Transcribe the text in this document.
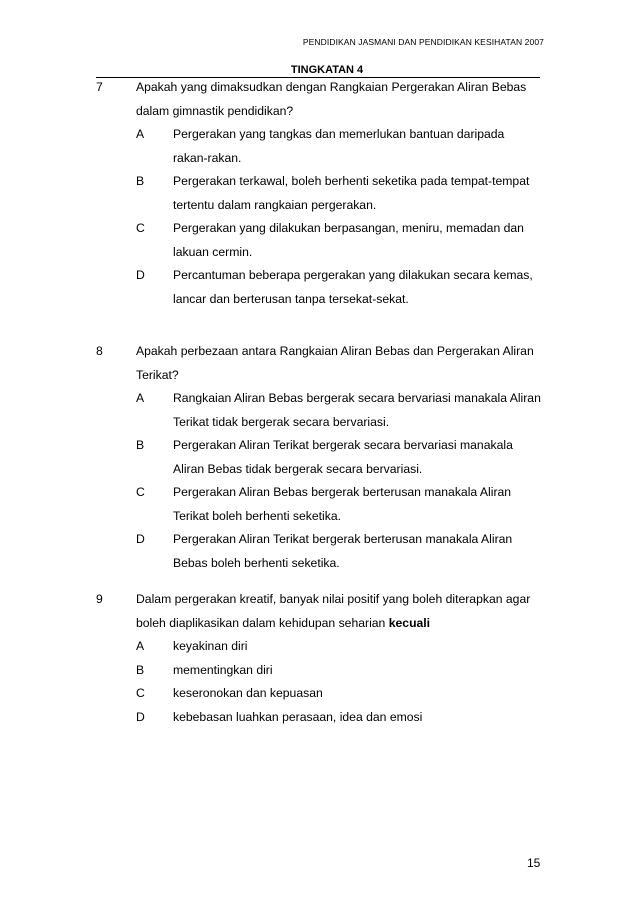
PENDIDIKAN JASMANI DAN PENDIDIKAN KESIHATAN 2007
TINGKATAN 4
7	Apakah yang dimaksudkan dengan Rangkaian Pergerakan Aliran Bebas dalam gimnastik pendidikan?
A Pergerakan yang tangkas dan memerlukan bantuan daripada rakan-rakan.
B Pergerakan terkawal, boleh berhenti seketika pada tempat-tempat tertentu dalam rangkaian pergerakan.
C Pergerakan yang dilakukan berpasangan, meniru, memadan dan lakuan cermin.
D Percantuman beberapa pergerakan yang dilakukan secara kemas, lancar dan berterusan tanpa tersekat-sekat.
8	Apakah perbezaan antara Rangkaian Aliran Bebas dan Pergerakan Aliran Terikat?
A Rangkaian Aliran Bebas bergerak secara bervariasi manakala Aliran Terikat tidak bergerak secara bervariasi.
B Pergerakan Aliran Terikat bergerak secara bervariasi manakala Aliran Bebas tidak bergerak secara bervariasi.
C Pergerakan Aliran Bebas bergerak berterusan manakala Aliran Terikat boleh berhenti seketika.
D Pergerakan Aliran Terikat bergerak berterusan manakala Aliran Bebas boleh berhenti seketika.
9	Dalam pergerakan kreatif, banyak nilai positif yang boleh diterapkan agar boleh diaplikasikan dalam kehidupan seharian kecuali
A keyakinan diri
B mementingkan diri
C keseronokan dan kepuasan
D kebebasan luahkan perasaan, idea dan emosi
15
